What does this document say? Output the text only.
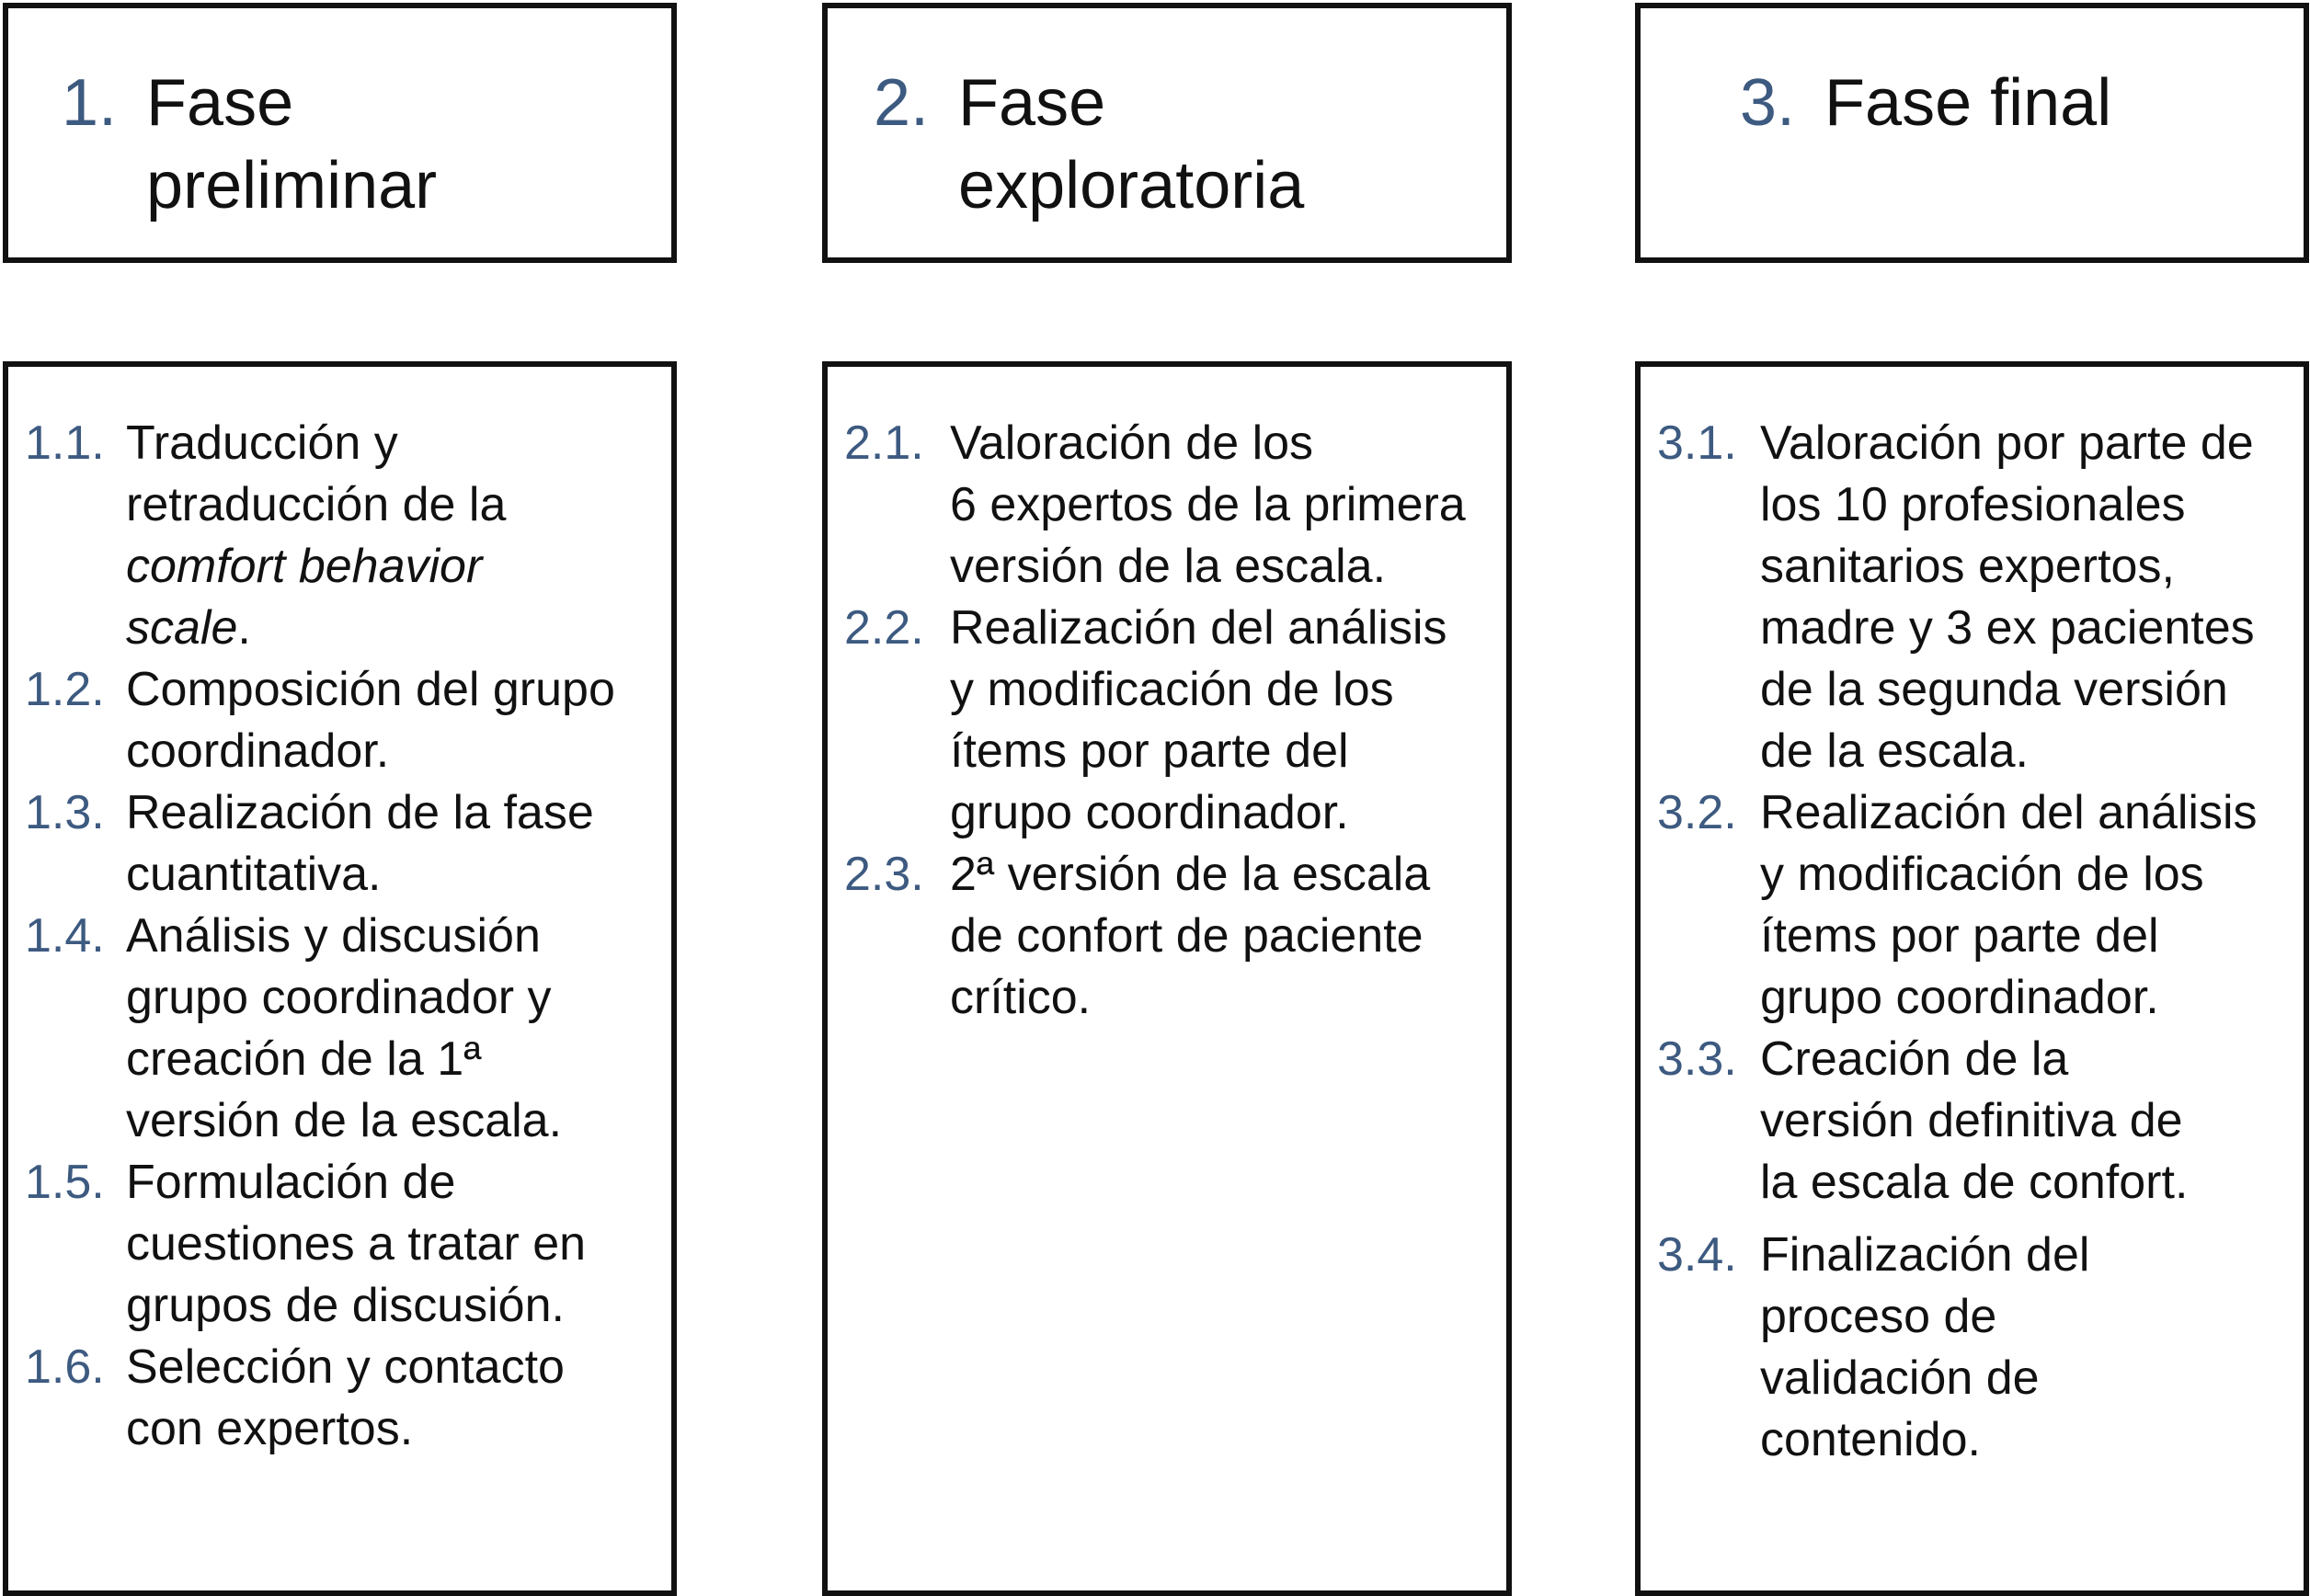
1. Fase
preliminar
2. Fase
exploratoria
3. Fase final
1.1. Traducción y
retraducción de la
comfort behavior
scale.
1.2. Composición del grupo
coordinador.
1.3. Realización de la fase
cuantitativa.
1.4. Análisis y discusión
grupo coordinador y
creación de la 1ª
versión de la escala.
1.5. Formulación de
cuestiones a tratar en
grupos de discusión.
1.6. Selección y contacto
con expertos.
2.1. Valoración de los
6 expertos de la primera
versión de la escala.
2.2. Realización del análisis
y modificación de los
ítems por parte del
grupo coordinador.
2.3. 2ª versión de la escala
de confort de paciente
crítico.
3.1. Valoración por parte de
los 10 profesionales
sanitarios expertos,
madre y 3 ex pacientes
de la segunda versión
de la escala.
3.2. Realización del análisis
y modificación de los
ítems por parte del
grupo coordinador.
3.3. Creación de la
versión definitiva de
la escala de confort.
3.4. Finalización del
proceso de
validación de
contenido.
